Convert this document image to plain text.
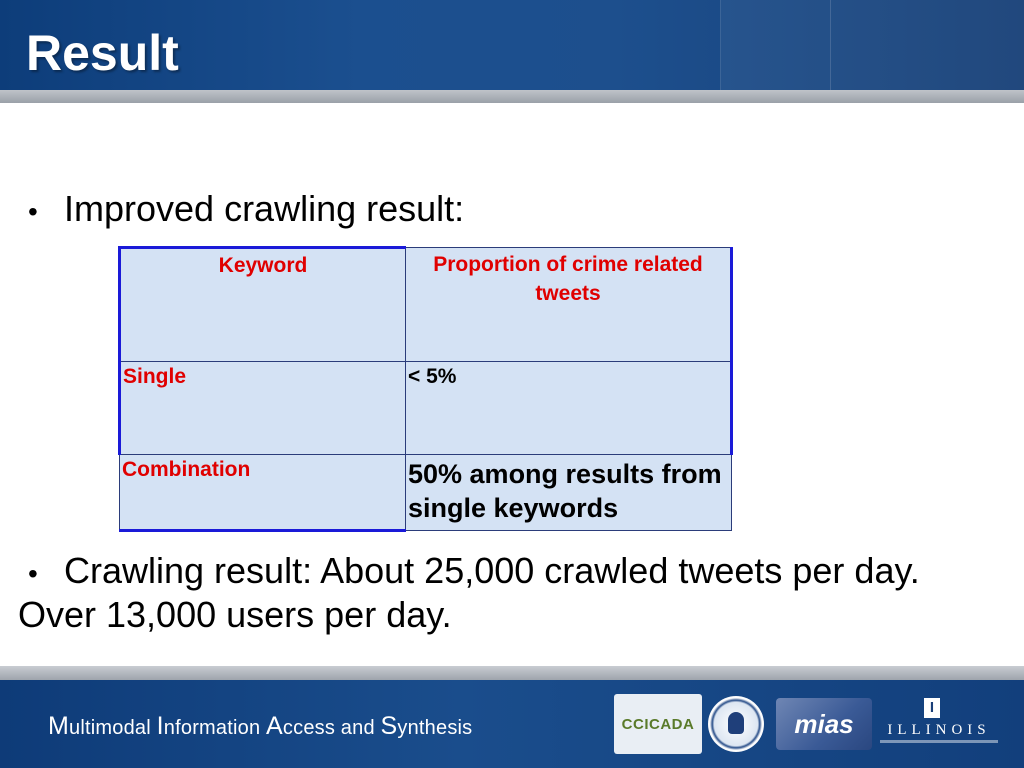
Result
• Improved crawling result:
Keyword	Proportion of crime related tweets
Single	< 5%
Combination	50% among results from single keywords
• Crawling result: About 25,000 crawled tweets per day.
Over 13,000 users per day.
Multimodal Information Access and Synthesis	CCICADA	mias
I
ILLINOIS
